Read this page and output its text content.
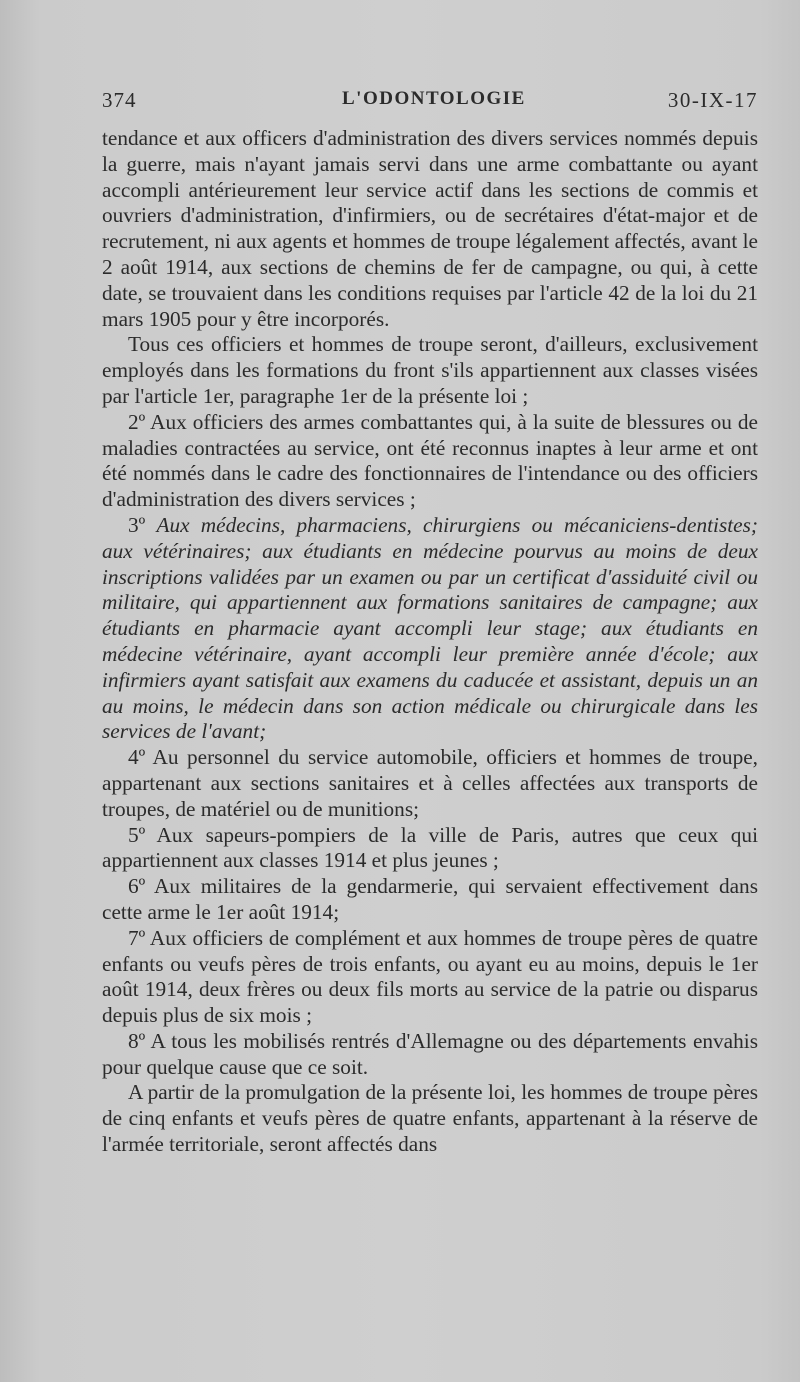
374	L'ODONTOLOGIE	30-IX-17

tendance et aux officers d'administration des divers services nommés depuis la guerre, mais n'ayant jamais servi dans une arme combattante ou ayant accompli antérieurement leur service actif dans les sections de commis et ouvriers d'administration, d'infirmiers, ou de secrétaires d'état-major et de recrutement, ni aux agents et hommes de troupe légalement affectés, avant le 2 août 1914, aux sections de chemins de fer de campagne, ou qui, à cette date, se trouvaient dans les conditions requises par l'article 42 de la loi du 21 mars 1905 pour y être incorporés.

Tous ces officiers et hommes de troupe seront, d'ailleurs, exclusivement employés dans les formations du front s'ils appartiennent aux classes visées par l'article 1er, paragraphe 1er de la présente loi ;

2º Aux officiers des armes combattantes qui, à la suite de blessures ou de maladies contractées au service, ont été reconnus inaptes à leur arme et ont été nommés dans le cadre des fonctionnaires de l'intendance ou des officiers d'administration des divers services ;

3º Aux médecins, pharmaciens, chirurgiens ou mécaniciens-dentistes; aux vétérinaires; aux étudiants en médecine pourvus au moins de deux inscriptions validées par un examen ou par un certificat d'assiduité civil ou militaire, qui appartiennent aux formations sanitaires de campagne; aux étudiants en pharmacie ayant accompli leur stage; aux étudiants en médecine vétérinaire, ayant accompli leur première année d'école; aux infirmiers ayant satisfait aux examens du caducée et assistant, depuis un an au moins, le médecin dans son action médicale ou chirurgicale dans les services de l'avant;

4º Au personnel du service automobile, officiers et hommes de troupe, appartenant aux sections sanitaires et à celles affectées aux transports de troupes, de matériel ou de munitions;

5º Aux sapeurs-pompiers de la ville de Paris, autres que ceux qui appartiennent aux classes 1914 et plus jeunes ;

6º Aux militaires de la gendarmerie, qui servaient effectivement dans cette arme le 1er août 1914;

7º Aux officiers de complément et aux hommes de troupe pères de quatre enfants ou veufs pères de trois enfants, ou ayant eu au moins, depuis le 1er août 1914, deux frères ou deux fils morts au service de la patrie ou disparus depuis plus de six mois ;

8º A tous les mobilisés rentrés d'Allemagne ou des départements envahis pour quelque cause que ce soit.

A partir de la promulgation de la présente loi, les hommes de troupe pères de cinq enfants et veufs pères de quatre enfants, appartenant à la réserve de l'armée territoriale, seront affectés dans
